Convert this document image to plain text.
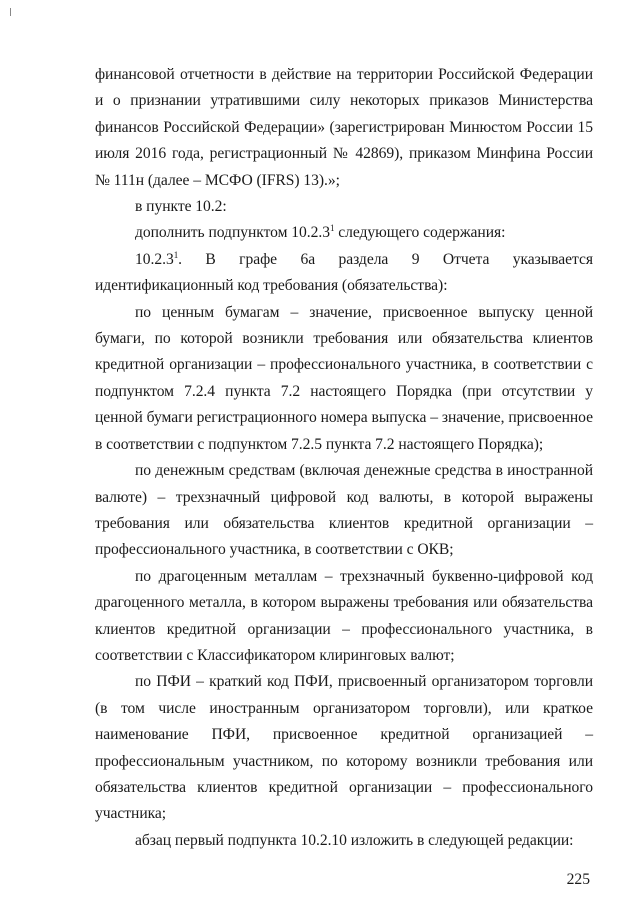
финансовой отчетности в действие на территории Российской Федерации и о признании утратившими силу некоторых приказов Министерства финансов Российской Федерации» (зарегистрирован Минюстом России 15 июля 2016 года, регистрационный № 42869), приказом Минфина России № 111н (далее – МСФО (IFRS) 13).»;

в пункте 10.2:

дополнить подпунктом 10.2.3$^1$ следующего содержания:

10.2.3$^1$. В графе 6а раздела 9 Отчета указывается идентификационный код требования (обязательства):

по ценным бумагам – значение, присвоенное выпуску ценной бумаги, по которой возникли требования или обязательства клиентов кредитной организации – профессионального участника, в соответствии с подпунктом 7.2.4 пункта 7.2 настоящего Порядка (при отсутствии у ценной бумаги регистрационного номера выпуска – значение, присвоенное в соответствии с подпунктом 7.2.5 пункта 7.2 настоящего Порядка);

по денежным средствам (включая денежные средства в иностранной валюте) – трехзначный цифровой код валюты, в которой выражены требования или обязательства клиентов кредитной организации – профессионального участника, в соответствии с ОКВ;

по драгоценным металлам – трехзначный буквенно-цифровой код драгоценного металла, в котором выражены требования или обязательства клиентов кредитной организации – профессионального участника, в соответствии с Классификатором клиринговых валют;

по ПФИ – краткий код ПФИ, присвоенный организатором торговли (в том числе иностранным организатором торговли), или краткое наименование ПФИ, присвоенное кредитной организацией – профессиональным участником, по которому возникли требования или обязательства клиентов кредитной организации – профессионального участника;

абзац первый подпункта 10.2.10 изложить в следующей редакции:

225
